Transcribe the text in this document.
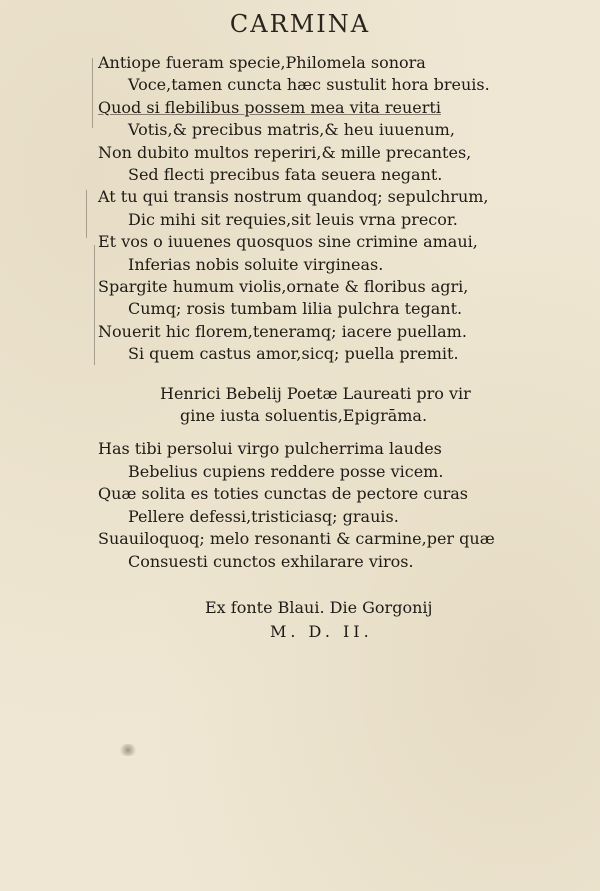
CARMINA
Antiope fueram specie,Philomela sonora
Voce,tamen cuncta hæc sustulit hora breuis.
Quod si flebilibus possem mea vita reuerti
Votis,& precibus matris,& heu iuuenum,
Non dubito multos reperiri,& mille precantes,
Sed flecti precibus fata seuera negant.
At tu qui transis nostrum quandoq; sepulchrum,
Dic mihi sit requies,sit leuis vrna precor.
Et vos o iuuenes quosquos sine crimine amaui,
Inferias nobis soluite virgineas.
Spargite humum violis,ornate & floribus agri,
Cumq; rosis tumbam lilia pulchra tegant.
Nouerit hic florem,teneramq; iacere puellam.
Si quem castus amor,sicq; puella premit.
Henrici Bebelij Poetæ Laureati pro vir
gine iusta soluentis,Epigrāma.
Has tibi persolui virgo pulcherrima laudes
Bebelius cupiens reddere posse vicem.
Quæ solita es toties cunctas de pectore curas
Pellere defessi,tristiciasq; grauis.
Suauiloquoq; melo resonanti & carmine,per quæ
Consuesti cunctos exhilarare viros.
Ex fonte Blaui. Die Gorgonij
M. D. II.
